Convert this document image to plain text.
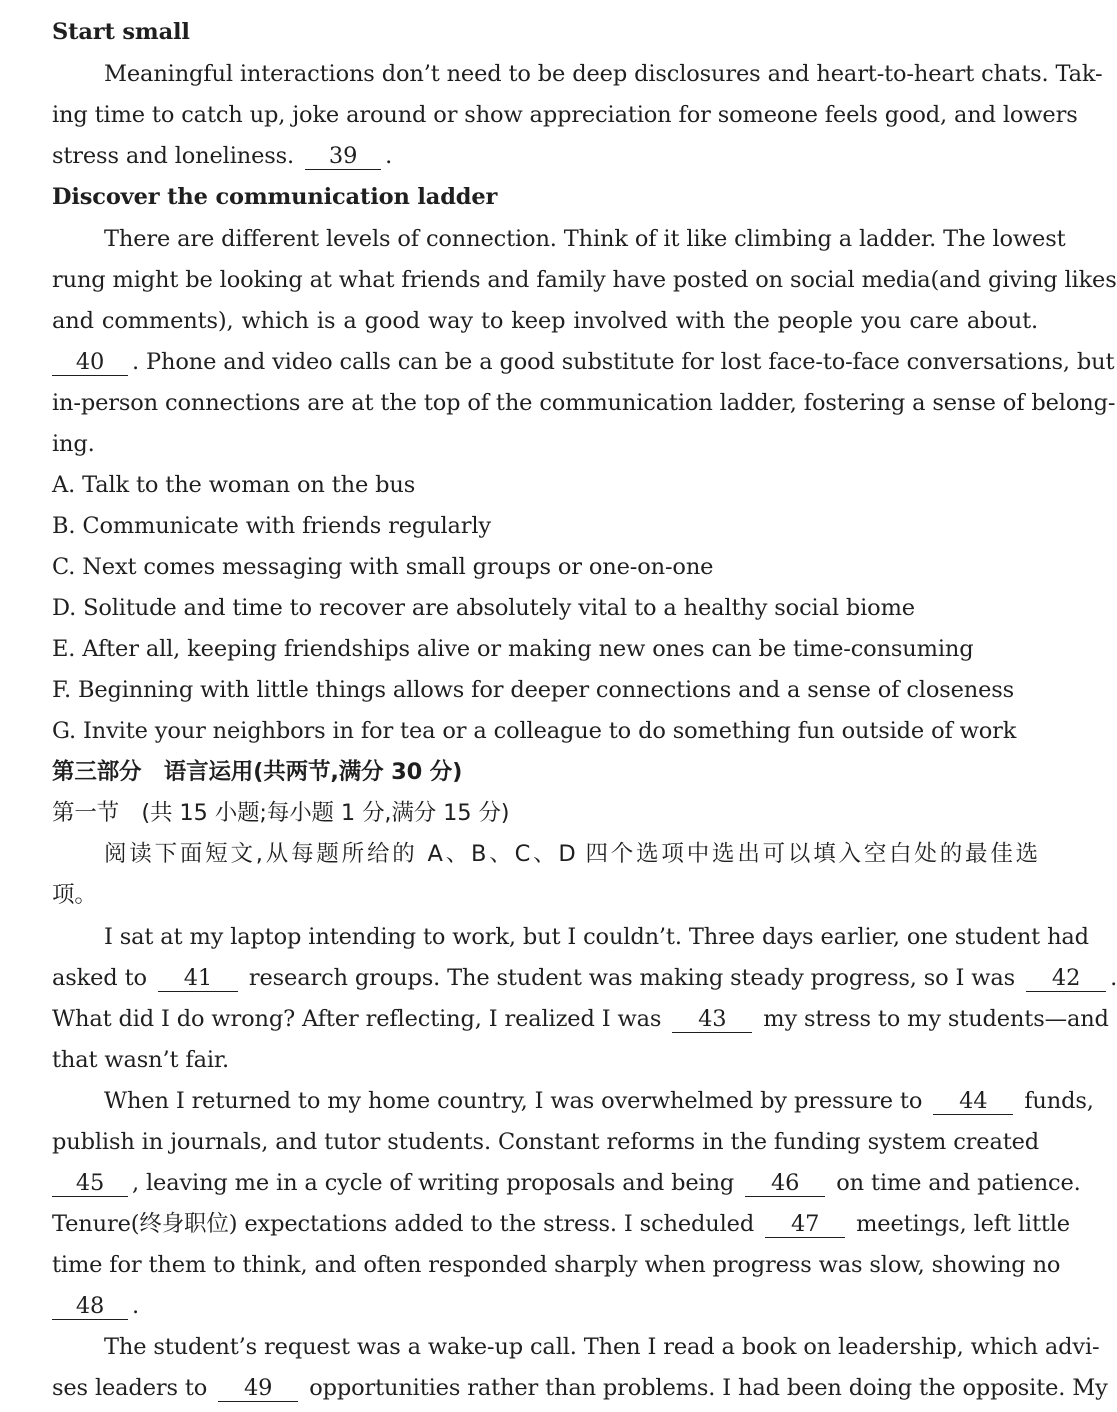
Start small
Meaningful interactions don’t need to be deep disclosures and heart-to-heart chats. Tak-
ing time to catch up, joke around or show appreciation for someone feels good, and lowers
stress and loneliness. 39 .
Discover the communication ladder
There are different levels of connection. Think of it like climbing a ladder. The lowest
rung might be looking at what friends and family have posted on social media(and giving likes
and comments), which is a good way to keep involved with the people you care about.
40 . Phone and video calls can be a good substitute for lost face-to-face conversations, but
in-person connections are at the top of the communication ladder, fostering a sense of belong-
ing.
A. Talk to the woman on the bus
B. Communicate with friends regularly
C. Next comes messaging with small groups or one-on-one
D. Solitude and time to recover are absolutely vital to a healthy social biome
E. After all, keeping friendships alive or making new ones can be time-consuming
F. Beginning with little things allows for deeper connections and a sense of closeness
G. Invite your neighbors in for tea or a colleague to do something fun outside of work
第三部分　语言运用(共两节,满分 30 分)
第一节　(共 15 小题;每小题 1 分,满分 15 分)
阅读下面短文,从每题所给的 A、B、C、D 四个选项中选出可以填入空白处的最佳选
项。
I sat at my laptop intending to work, but I couldn’t. Three days earlier, one student had
asked to 41 research groups. The student was making steady progress, so I was 42 .
What did I do wrong? After reflecting, I realized I was 43 my stress to my students—and
that wasn’t fair.
When I returned to my home country, I was overwhelmed by pressure to 44 funds,
publish in journals, and tutor students. Constant reforms in the funding system created
45 , leaving me in a cycle of writing proposals and being 46 on time and patience.
Tenure(终身职位) expectations added to the stress. I scheduled 47 meetings, left little
time for them to think, and often responded sharply when progress was slow, showing no
48 .
The student’s request was a wake-up call. Then I read a book on leadership, which advi-
ses leaders to 49 opportunities rather than problems. I had been doing the opposite. My
